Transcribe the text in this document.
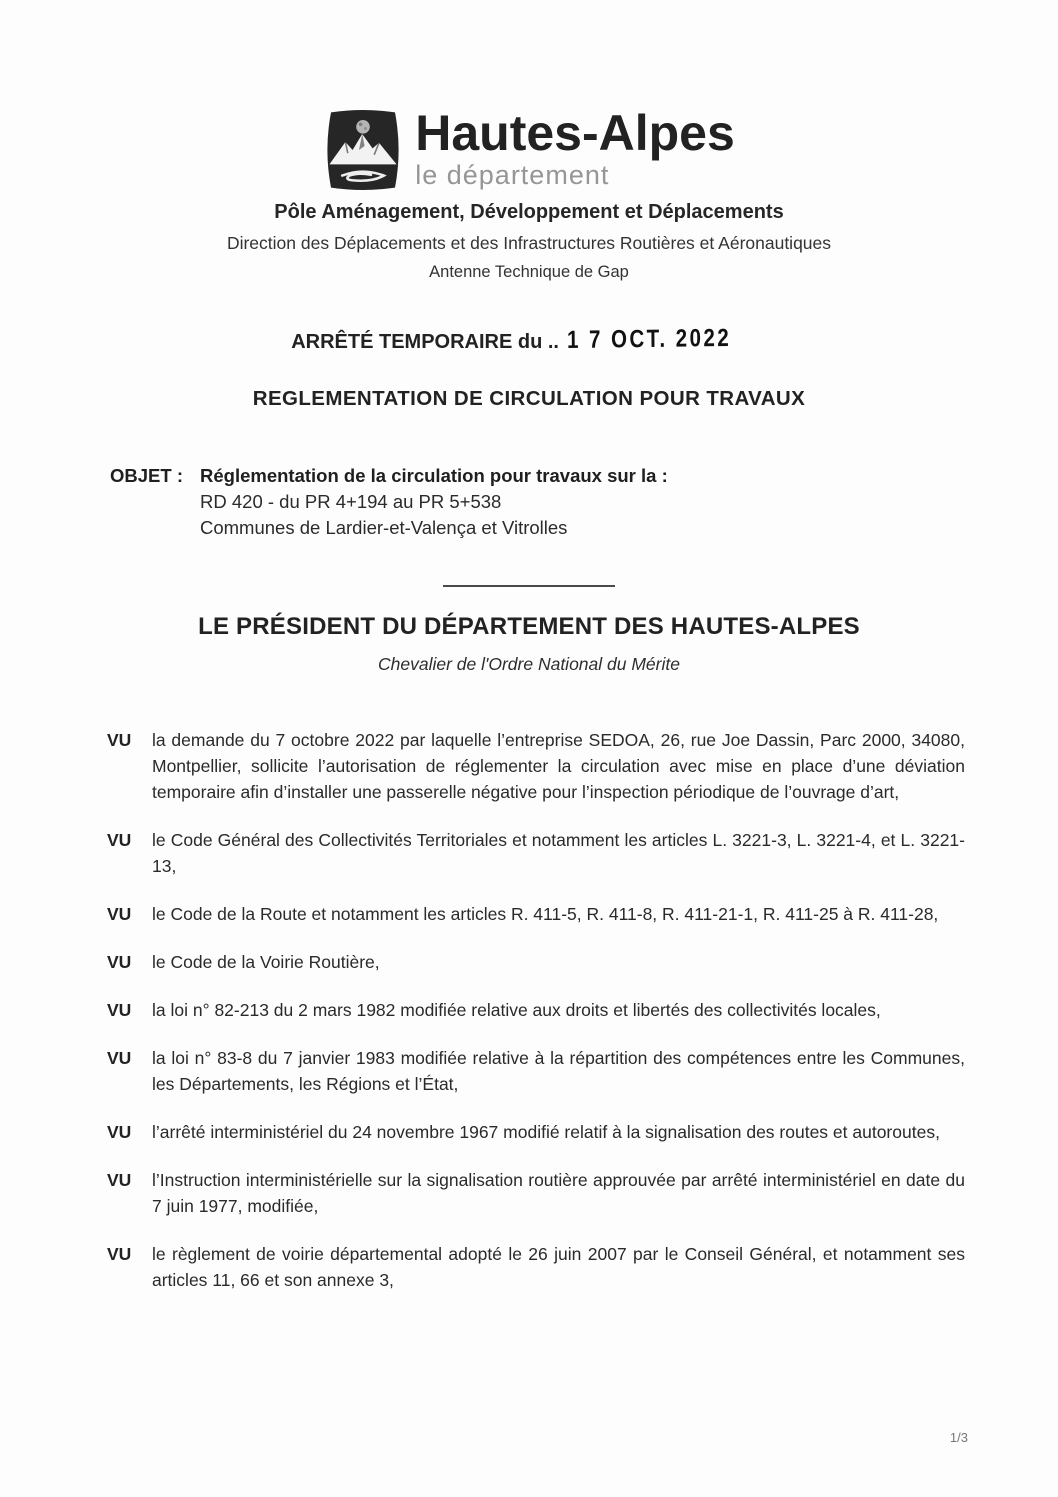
Hautes-Alpes
le département
Pôle Aménagement, Développement et Déplacements
Direction des Déplacements et des Infrastructures Routières et Aéronautiques
Antenne Technique de Gap
ARRÊTÉ TEMPORAIRE du .. 1 7 OCT. 2022
REGLEMENTATION DE CIRCULATION POUR TRAVAUX
OBJET : Réglementation de la circulation pour travaux sur la :
RD 420 - du PR 4+194 au PR 5+538
Communes de Lardier-et-Valença et Vitrolles
LE PRÉSIDENT DU DÉPARTEMENT DES HAUTES-ALPES
Chevalier de l'Ordre National du Mérite
VU	la demande du 7 octobre 2022 par laquelle l’entreprise SEDOA, 26, rue Joe Dassin, Parc 2000, 34080, Montpellier, sollicite l’autorisation de réglementer la circulation avec mise en place d’une déviation temporaire afin d’installer une passerelle négative pour l’inspection périodique de l’ouvrage d’art,
VU	le Code Général des Collectivités Territoriales et notamment les articles L. 3221-3, L. 3221-4, et L. 3221-13,
VU	le Code de la Route et notamment les articles R. 411-5, R. 411-8, R. 411-21-1, R. 411-25 à R. 411-28,
VU	le Code de la Voirie Routière,
VU	la loi n° 82-213 du 2 mars 1982 modifiée relative aux droits et libertés des collectivités locales,
VU	la loi n° 83-8 du 7 janvier 1983 modifiée relative à la répartition des compétences entre les Communes, les Départements, les Régions et l’État,
VU	l’arrêté interministériel du 24 novembre 1967 modifié relatif à la signalisation des routes et autoroutes,
VU	l’Instruction interministérielle sur la signalisation routière approuvée par arrêté interministériel en date du 7 juin 1977, modifiée,
VU	le règlement de voirie départemental adopté le 26 juin 2007 par le Conseil Général, et notamment ses articles 11, 66 et son annexe 3,
1/3
